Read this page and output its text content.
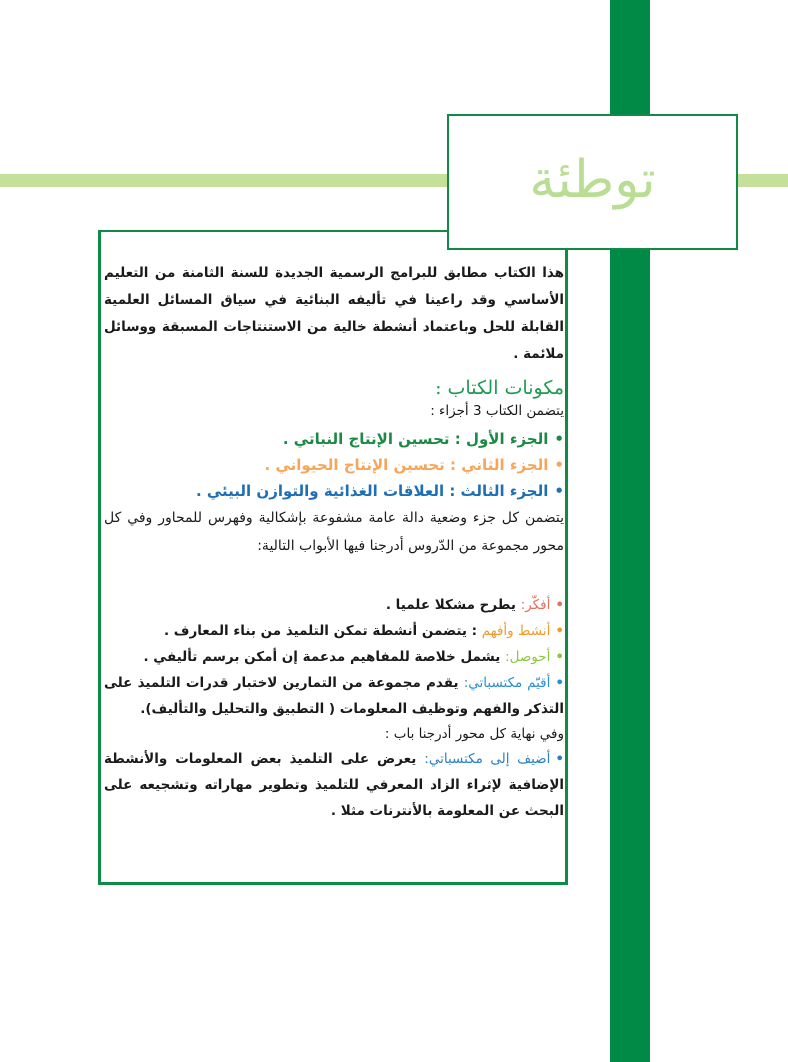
توطئة

هذا الكتاب مطابق للبرامج الرسمية الجديدة للسنة الثامنة من التعليم الأساسي وقد راعينا في تأليفه البنائية في سياق المسائل العلمية القابلة للحل وباعتماد أنشطة خالية من الاستنتاجات المسبقة ووسائل ملائمة .

مكونات الكتاب :
يتضمن الكتاب 3 أجزاء :
•الجزء الأول : تحسين الإنتاج النباتي .
•الجزء الثاني : تحسين الإنتاج الحيواني .
•الجزء الثالث : العلاقات الغذائية والتوازن البيئي .

يتضمن كل جزء وضعية دالة عامة مشفوعة بإشكالية وفهرس للمحاور وفي كل محور مجموعة من الدّروس أدرجنا فيها الأبواب التالية:

•أفكّر: يطرح مشكلا علميا .
•أنشط وأفهم : يتضمن أنشطة تمكن التلميذ من بناء المعارف .
•أحوصل: يشمل خلاصة للمفاهيم مدعمة إن أمكن برسم تأليفي .
•أقيّم مكتسباتي: يقدم مجموعة من التمارين لاختبار قدرات التلميذ على التذكر والفهم وتوظيف المعلومات ( التطبيق والتحليل والتأليف).
وفي نهاية كل محور أدرجنا باب :
•أضيف إلى مكتسباتي: يعرض على التلميذ بعض المعلومات والأنشطة الإضافية لإثراء الزاد المعرفي للتلميذ وتطوير مهاراته وتشجيعه على البحث عن المعلومة بالأنترنات مثلا .
